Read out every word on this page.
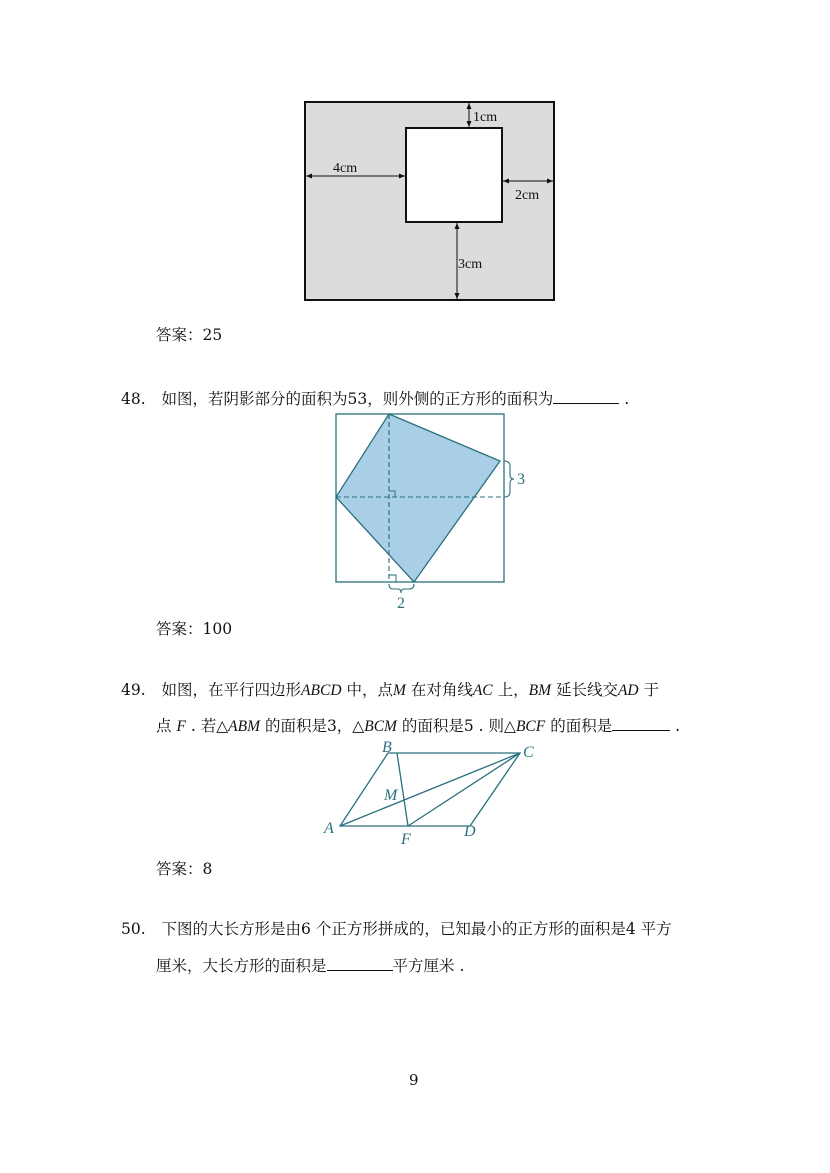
1cm
4cm
2cm
3cm
答案：25
48. 如图，若阴影部分的面积为53，则外侧的正方形的面积为	.
3
2
答案：100
49. 如图，在平行四边形ABCD 中，点M 在对角线AC 上，BM 延长线交AD 于
点 F . 若△ABM 的面积是3，△BCM 的面积是5 . 则△BCF 的面积是	.
B	C
M
A
F	D
答案：8
50. 下图的大长方形是由6 个正方形拼成的，已知最小的正方形的面积是4 平方
厘米，大长方形的面积是	平方厘米 .
9
